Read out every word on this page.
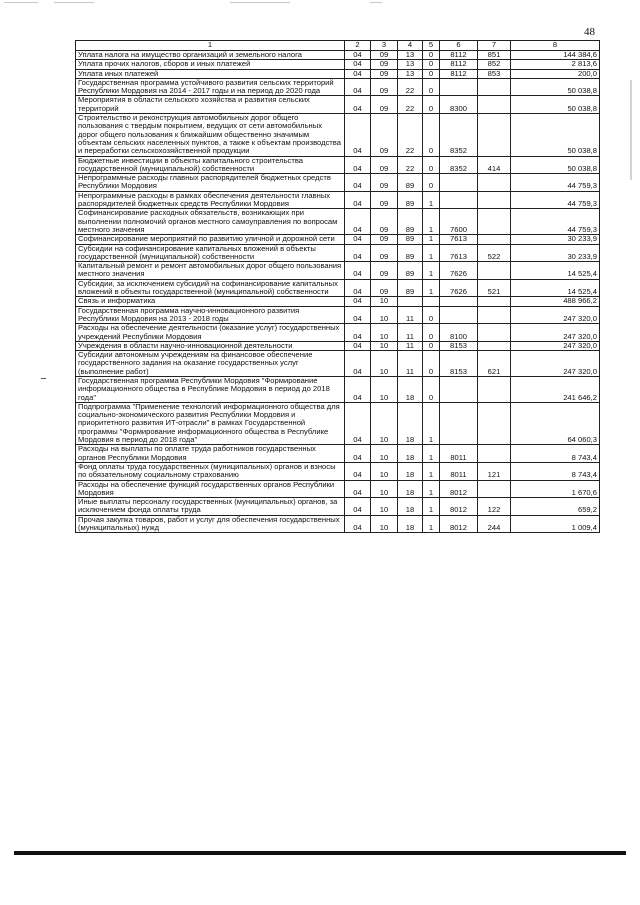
48
1	2	3	4	5	6	7	8
Уплата налога на имущество организаций и земельного налога	04	09	13	0	8112	851	144 384,6
Уплата прочих налогов, сборов и иных платежей	04	09	13	0	8112	852	2 813,6
Уплата иных платежей	04	09	13	0	8112	853	200,0
Государственная программа устойчивого развития сельских территорий Республики Мордовия на 2014 - 2017 годы и на период до 2020 года	04	09	22	0			50 038,8
Мероприятия в области сельского хозяйства и развития сельских территорий	04	09	22	0	8300		50 038,8
Строительство и реконструкция автомобильных дорог общего пользования с твердым покрытием, ведущих от сети автомобильных дорог общего пользования к ближайшим общественно значимым объектам сельских населенных пунктов, а также к объектам производства и переработки сельскохозяйственной продукции	04	09	22	0	8352		50 038,8
Бюджетные инвестиции в объекты капитального строительства государственной (муниципальной) собственности	04	09	22	0	8352	414	50 038,8
Непрограммные расходы главных распорядителей бюджетных средств Республики Мордовия	04	09	89	0			44 759,3
Непрограммные расходы в рамках обеспечения деятельности главных распорядителей бюджетных средств Республики Мордовия	04	09	89	1			44 759,3
Софинансирование расходных обязательств, возникающих при выполнении полномочий органов местного самоуправления по вопросам местного значения	04	09	89	1	7600		44 759,3
Софинансирование мероприятий по развитию уличной и дорожной сети	04	09	89	1	7613		30 233,9
Субсидии на софинансирование капитальных вложений в объекты государственной (муниципальной) собственности	04	09	89	1	7613	522	30 233,9
Капитальный ремонт и ремонт автомобильных дорог общего пользования местного значения	04	09	89	1	7626		14 525,4
Субсидии, за исключением субсидий на софинансирование капитальных вложений в объекты государственной (муниципальной) собственности	04	09	89	1	7626	521	14 525,4
Связь и информатика	04	10					488 966,2
Государственная программа научно-инновационного развития Республики Мордовия на 2013 - 2018 годы	04	10	11	0			247 320,0
Расходы на обеспечение деятельности (оказание услуг) государственных учреждений Республики Мордовия	04	10	11	0	8100		247 320,0
Учреждения в области научно-инновационной деятельности	04	10	11	0	8153		247 320,0
Субсидии автономным учреждениям на финансовое обеспечение государственного задания на оказание государственных услуг (выполнение работ)	04	10	11	0	8153	621	247 320,0
Государственная программа Республики Мордовия "Формирование информационного общества в Республике Мордовия в период до 2018 года"	04	10	18	0			241 646,2
Подпрограмма "Применение технологий информационного общества для социально-экономического развития Республики Мордовия и приоритетного развития ИТ-отрасли" в рамках Государственной программы "Формирование информационного общества в Республике Мордовия в период до 2018 года"	04	10	18	1			64 060,3
Расходы на выплаты по оплате труда работников государственных органов Республики Мордовия	04	10	18	1	8011		8 743,4
Фонд оплаты труда государственных (муниципальных) органов и взносы по обязательному социальному страхованию	04	10	18	1	8011	121	8 743,4
Расходы на обеспечение функций государственных органов Республики Мордовия	04	10	18	1	8012		1 670,6
Иные выплаты персоналу государственных (муниципальных) органов, за исключением фонда оплаты труда	04	10	18	1	8012	122	659,2
Прочая закупка товаров, работ и услуг для обеспечения государственных (муниципальных) нужд	04	10	18	1	8012	244	1 009,4
